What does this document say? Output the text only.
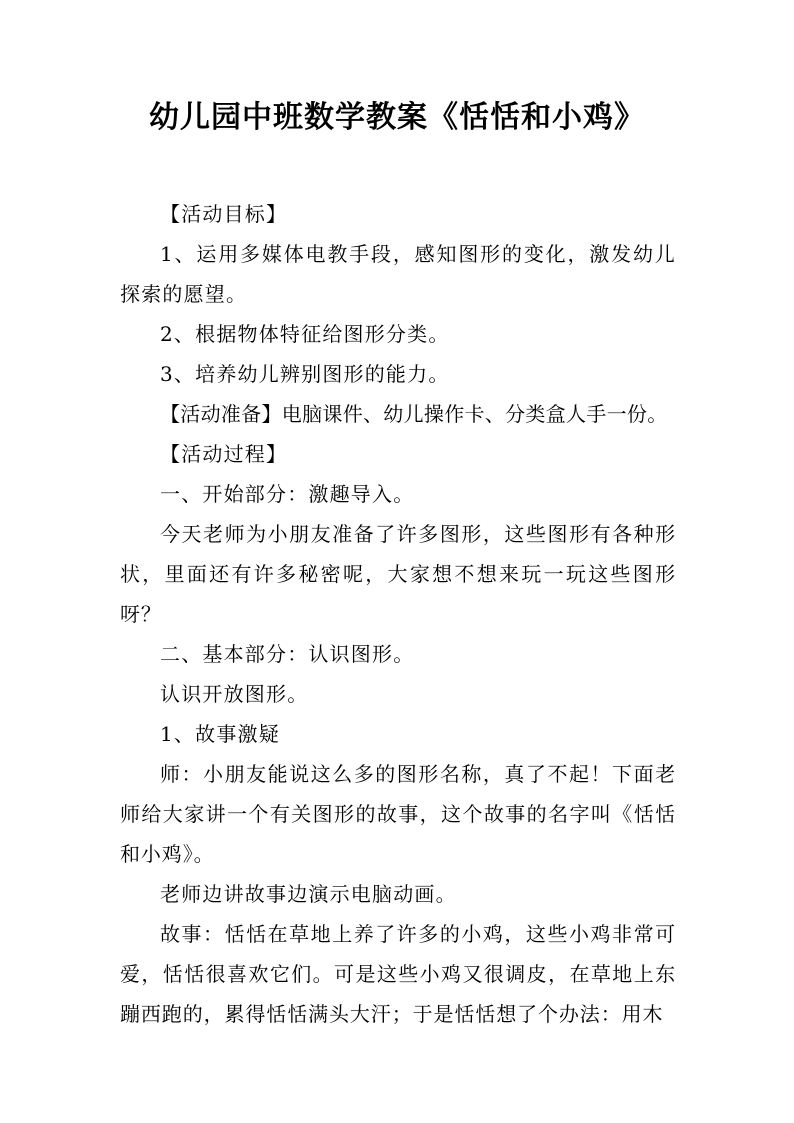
幼儿园中班数学教案《恬恬和小鸡》

【活动目标】

1、运用多媒体电教手段，感知图形的变化，激发幼儿探索的愿望。

2、根据物体特征给图形分类。

3、培养幼儿辨别图形的能力。

【活动准备】电脑课件、幼儿操作卡、分类盒人手一份。

【活动过程】

一、开始部分：激趣导入。

今天老师为小朋友准备了许多图形，这些图形有各种形状，里面还有许多秘密呢，大家想不想来玩一玩这些图形呀？

二、基本部分：认识图形。

认识开放图形。

1、故事激疑

师：小朋友能说这么多的图形名称，真了不起！下面老师给大家讲一个有关图形的故事，这个故事的名字叫《恬恬和小鸡》。

老师边讲故事边演示电脑动画。

故事：恬恬在草地上养了许多的小鸡，这些小鸡非常可爱，恬恬很喜欢它们。可是这些小鸡又很调皮，在草地上东蹦西跑的，累得恬恬满头大汗；于是恬恬想了个办法：用木
